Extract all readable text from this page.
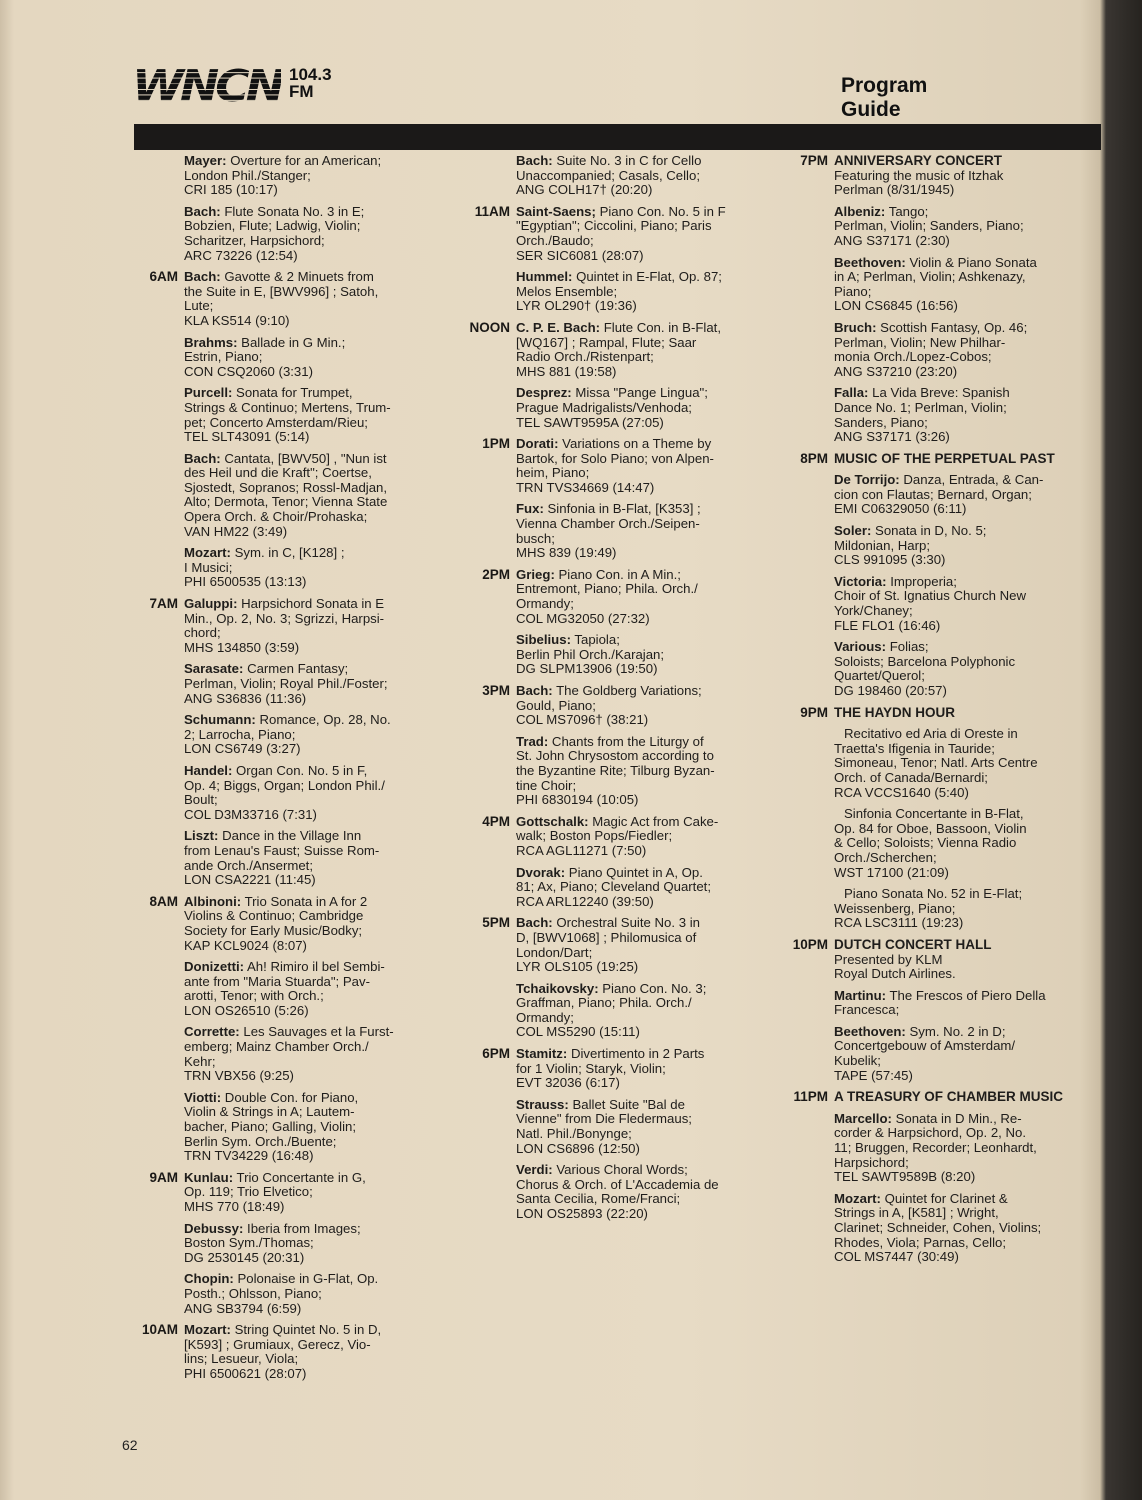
WNCN 104.3
FM	Program
Guide
Mayer: Overture for an American;
London Phil./Stanger;
CRI 185 (10:17)
Bach: Flute Sonata No. 3 in E;
Bobzien, Flute; Ladwig, Violin;
Scharitzer, Harpsichord;
ARC 73226 (12:54)
6AM Bach: Gavotte & 2 Minuets from
the Suite in E, [BWV996] ; Satoh,
Lute;
KLA KS514 (9:10)
Brahms: Ballade in G Min.;
Estrin, Piano;
CON CSQ2060 (3:31)
Purcell: Sonata for Trumpet,
Strings & Continuo; Mertens, Trum-
pet; Concerto Amsterdam/Rieu;
TEL SLT43091 (5:14)
Bach: Cantata, [BWV50] , "Nun ist
des Heil und die Kraft"; Coertse,
Sjostedt, Sopranos; Rossl-Madjan,
Alto; Dermota, Tenor; Vienna State
Opera Orch. & Choir/Prohaska;
VAN HM22 (3:49)
Mozart: Sym. in C, [K128] ;
I Musici;
PHI 6500535 (13:13)
7AM Galuppi: Harpsichord Sonata in E
Min., Op. 2, No. 3; Sgrizzi, Harpsi-
chord;
MHS 134850 (3:59)
Sarasate: Carmen Fantasy;
Perlman, Violin; Royal Phil./Foster;
ANG S36836 (11:36)
Schumann: Romance, Op. 28, No.
2; Larrocha, Piano;
LON CS6749 (3:27)
Handel: Organ Con. No. 5 in F,
Op. 4; Biggs, Organ; London Phil./
Boult;
COL D3M33716 (7:31)
Liszt: Dance in the Village Inn
from Lenau's Faust; Suisse Rom-
ande Orch./Ansermet;
LON CSA2221 (11:45)
8AM Albinoni: Trio Sonata in A for 2
Violins & Continuo; Cambridge
Society for Early Music/Bodky;
KAP KCL9024 (8:07)
Donizetti: Ah! Rimiro il bel Sembi-
ante from "Maria Stuarda"; Pav-
arotti, Tenor; with Orch.;
LON OS26510 (5:26)
Corrette: Les Sauvages et la Furst-
emberg; Mainz Chamber Orch./
Kehr;
TRN VBX56 (9:25)
Viotti: Double Con. for Piano,
Violin & Strings in A; Lautem-
bacher, Piano; Galling, Violin;
Berlin Sym. Orch./Buente;
TRN TV34229 (16:48)
9AM Kunlau: Trio Concertante in G,
Op. 119; Trio Elvetico;
MHS 770 (18:49)
Debussy: Iberia from Images;
Boston Sym./Thomas;
DG 2530145 (20:31)
Chopin: Polonaise in G-Flat, Op.
Posth.; Ohlsson, Piano;
ANG SB3794 (6:59)
10AM Mozart: String Quintet No. 5 in D,
[K593] ; Grumiaux, Gerecz, Vio-
lins; Lesueur, Viola;
PHI 6500621 (28:07)
Bach: Suite No. 3 in C for Cello
Unaccompanied; Casals, Cello;
ANG COLH17† (20:20)
11AM Saint-Saens; Piano Con. No. 5 in F
"Egyptian"; Ciccolini, Piano; Paris
Orch./Baudo;
SER SIC6081 (28:07)
Hummel: Quintet in E-Flat, Op. 87;
Melos Ensemble;
LYR OL290† (19:36)
NOON C. P. E. Bach: Flute Con. in B-Flat,
[WQ167] ; Rampal, Flute; Saar
Radio Orch./Ristenpart;
MHS 881 (19:58)
Desprez: Missa "Pange Lingua";
Prague Madrigalists/Venhoda;
TEL SAWT9595A (27:05)
1PM Dorati: Variations on a Theme by
Bartok, for Solo Piano; von Alpen-
heim, Piano;
TRN TVS34669 (14:47)
Fux: Sinfonia in B-Flat, [K353] ;
Vienna Chamber Orch./Seipen-
busch;
MHS 839 (19:49)
2PM Grieg: Piano Con. in A Min.;
Entremont, Piano; Phila. Orch./
Ormandy;
COL MG32050 (27:32)
Sibelius: Tapiola;
Berlin Phil Orch./Karajan;
DG SLPM13906 (19:50)
3PM Bach: The Goldberg Variations;
Gould, Piano;
COL MS7096† (38:21)
Trad: Chants from the Liturgy of
St. John Chrysostom according to
the Byzantine Rite; Tilburg Byzan-
tine Choir;
PHI 6830194 (10:05)
4PM Gottschalk: Magic Act from Cake-
walk; Boston Pops/Fiedler;
RCA AGL11271 (7:50)
Dvorak: Piano Quintet in A, Op.
81; Ax, Piano; Cleveland Quartet;
RCA ARL12240 (39:50)
5PM Bach: Orchestral Suite No. 3 in
D, [BWV1068] ; Philomusica of
London/Dart;
LYR OLS105 (19:25)
Tchaikovsky: Piano Con. No. 3;
Graffman, Piano; Phila. Orch./
Ormandy;
COL MS5290 (15:11)
6PM Stamitz: Divertimento in 2 Parts
for 1 Violin; Staryk, Violin;
EVT 32036 (6:17)
Strauss: Ballet Suite "Bal de
Vienne" from Die Fledermaus;
Natl. Phil./Bonynge;
LON CS6896 (12:50)
Verdi: Various Choral Words;
Chorus & Orch. of L'Accademia de
Santa Cecilia, Rome/Franci;
LON OS25893 (22:20)
7PM ANNIVERSARY CONCERT
Featuring the music of Itzhak
Perlman (8/31/1945)
Albeniz: Tango;
Perlman, Violin; Sanders, Piano;
ANG S37171 (2:30)
Beethoven: Violin & Piano Sonata
in A; Perlman, Violin; Ashkenazy,
Piano;
LON CS6845 (16:56)
Bruch: Scottish Fantasy, Op. 46;
Perlman, Violin; New Philhar-
monia Orch./Lopez-Cobos;
ANG S37210 (23:20)
Falla: La Vida Breve: Spanish
Dance No. 1; Perlman, Violin;
Sanders, Piano;
ANG S37171 (3:26)
8PM MUSIC OF THE PERPETUAL PAST
De Torrijo: Danza, Entrada, & Can-
cion con Flautas; Bernard, Organ;
EMI C06329050 (6:11)
Soler: Sonata in D, No. 5;
Mildonian, Harp;
CLS 991095 (3:30)
Victoria: Improperia;
Choir of St. Ignatius Church New
York/Chaney;
FLE FLO1 (16:46)
Various: Folias;
Soloists; Barcelona Polyphonic
Quartet/Querol;
DG 198460 (20:57)
9PM THE HAYDN HOUR
Recitativo ed Aria di Oreste in
Traetta's Ifigenia in Tauride;
Simoneau, Tenor; Natl. Arts Centre
Orch. of Canada/Bernardi;
RCA VCCS1640 (5:40)
Sinfonia Concertante in B-Flat,
Op. 84 for Oboe, Bassoon, Violin
& Cello; Soloists; Vienna Radio
Orch./Scherchen;
WST 17100 (21:09)
Piano Sonata No. 52 in E-Flat;
Weissenberg, Piano;
RCA LSC3111 (19:23)
10PM DUTCH CONCERT HALL
Presented by KLM
Royal Dutch Airlines.
Martinu: The Frescos of Piero Della
Francesca;
Beethoven: Sym. No. 2 in D;
Concertgebouw of Amsterdam/
Kubelik;
TAPE (57:45)
11PM A TREASURY OF CHAMBER MUSIC
Marcello: Sonata in D Min., Re-
corder & Harpsichord, Op. 2, No.
11; Bruggen, Recorder; Leonhardt,
Harpsichord;
TEL SAWT9589B (8:20)
Mozart: Quintet for Clarinet &
Strings in A, [K581] ; Wright,
Clarinet; Schneider, Cohen, Violins;
Rhodes, Viola; Parnas, Cello;
COL MS7447 (30:49)
62
